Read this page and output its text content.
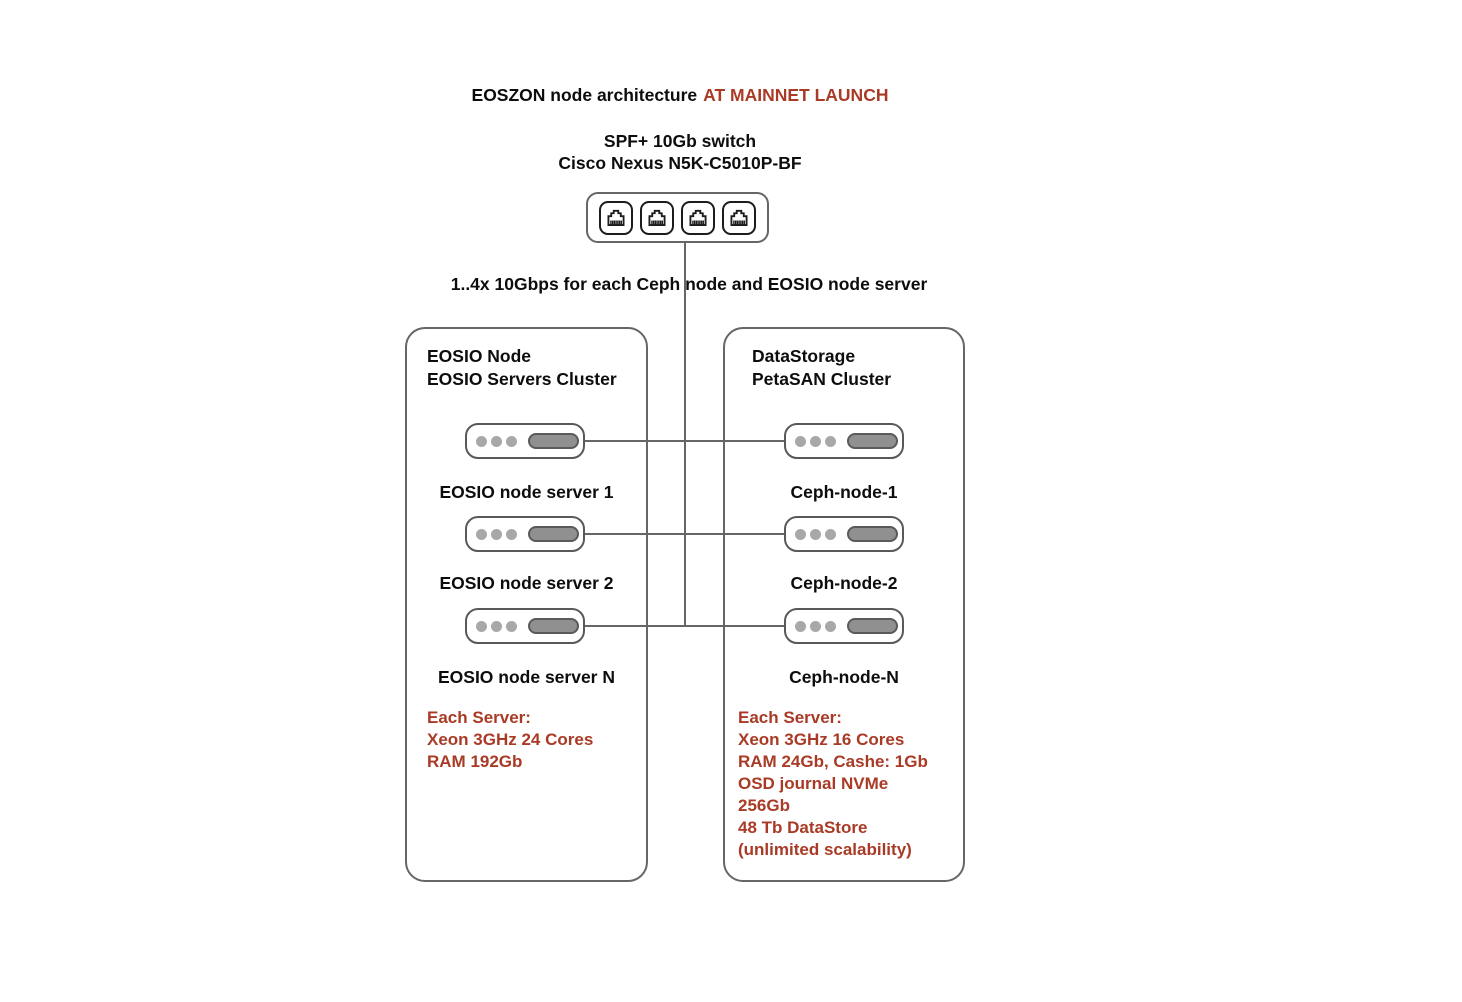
EOSZON node architecture AT MAINNET LAUNCH
SPF+ 10Gb switch
Cisco Nexus N5K-C5010P-BF
1..4x 10Gbps for each Ceph node and EOSIO node server
EOSIO Node
EOSIO Servers Cluster
DataStorage
PetaSAN Cluster
EOSIO node server 1
EOSIO node server 2
EOSIO node server N
Ceph-node-1
Ceph-node-2
Ceph-node-N
Each Server:
Xeon 3GHz 24 Cores
RAM 192Gb
Each Server:
Xeon 3GHz 16 Cores
RAM 24Gb, Cashe: 1Gb
OSD journal NVMe
256Gb
48 Tb DataStore
(unlimited scalability)
